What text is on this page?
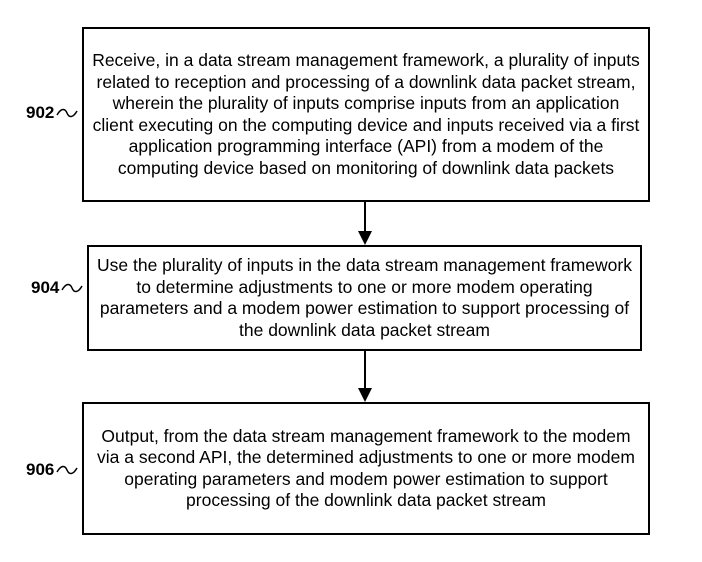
902
Receive, in a data stream management framework, a plurality of inputs related to reception and processing of a downlink data packet stream, wherein the plurality of inputs comprise inputs from an application client executing on the computing device and inputs received via a first application programming interface (API) from a modem of the computing device based on monitoring of downlink data packets
904
Use the plurality of inputs in the data stream management framework to determine adjustments to one or more modem operating parameters and a modem power estimation to support processing of the downlink data packet stream
906
Output, from the data stream management framework to the modem via a second API, the determined adjustments to one or more modem operating parameters and modem power estimation to support processing of the downlink data packet stream
